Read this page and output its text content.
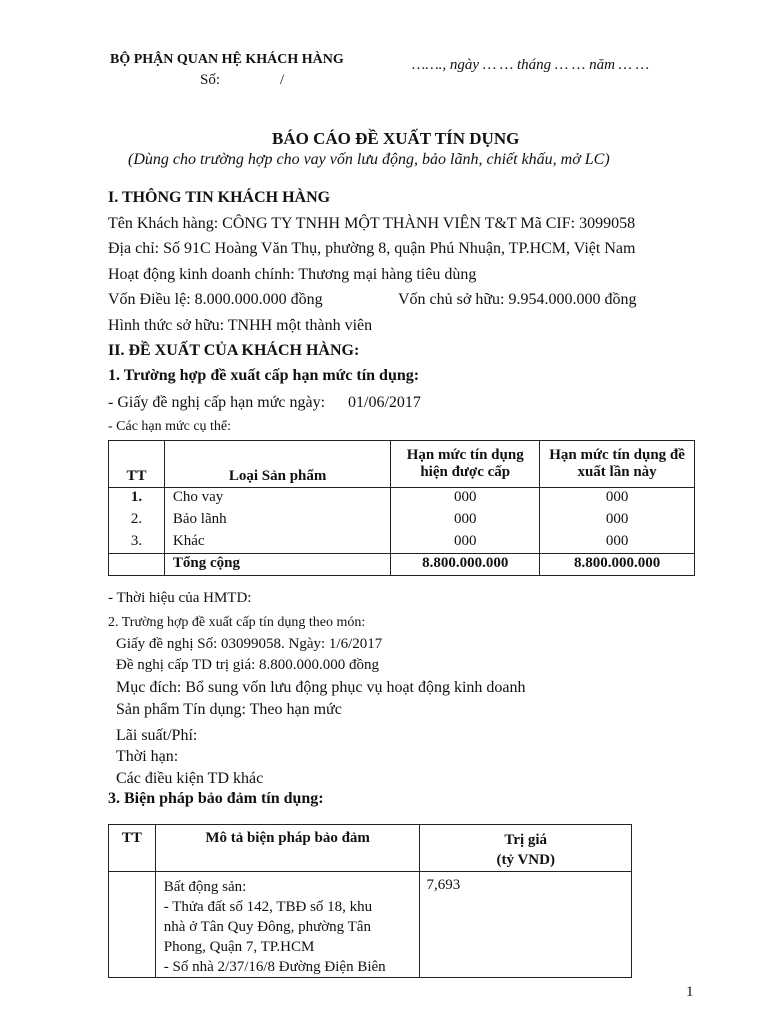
BỘ PHẬN QUAN HỆ KHÁCH HÀNG
Số:	/
……., ngày … … tháng … … năm … …
BÁO CÁO ĐỀ XUẤT TÍN DỤNG
(Dùng cho trường hợp cho vay vốn lưu động, bảo lãnh, chiết khấu, mở LC)
I. THÔNG TIN KHÁCH HÀNG
Tên Khách hàng: CÔNG TY TNHH MỘT THÀNH VIÊN T&T Mã CIF: 3099058
Địa chỉ: Số 91C Hoàng Văn Thụ, phường 8, quận Phú Nhuận, TP.HCM, Việt Nam
Hoạt động kinh doanh chính: Thương mại hàng tiêu dùng
Vốn Điều lệ: 8.000.000.000 đồng	Vốn chủ sở hữu: 9.954.000.000 đồng
Hình thức sở hữu: TNHH một thành viên
II. ĐỀ XUẤT CỦA KHÁCH HÀNG:
1. Trường hợp đề xuất cấp hạn mức tín dụng:
- Giấy đề nghị cấp hạn mức ngày: 01/06/2017
- Các hạn mức cụ thể:
TT	Loại Sản phẩm	Hạn mức tín dụng hiện được cấp	Hạn mức tín dụng đề xuất lần này
1.	Cho vay	000	000
2.	Bảo lãnh	000	000
3.	Khác	000	000
	Tổng cộng	8.800.000.000	8.800.000.000
- Thời hiệu của HMTD:
2. Trường hợp đề xuất cấp tín dụng theo món:
Giấy đề nghị Số: 03099058. Ngày: 1/6/2017
Đề nghị cấp TD trị giá: 8.800.000.000 đồng
Mục đích: Bổ sung vốn lưu động phục vụ hoạt động kinh doanh
Sản phẩm Tín dụng: Theo hạn mức
Lãi suất/Phí:
Thời hạn:
Các điều kiện TD khác
3. Biện pháp bảo đảm tín dụng:
TT	Mô tả biện pháp bảo đảm	Trị giá
(tỷ VND)

	Bất động sản:
- Thửa đất số 142, TBĐ số 18, khu
nhà ở Tân Quy Đông, phường Tân
Phong, Quận 7, TP.HCM
- Số nhà 2/37/16/8 Đường Điện Biên	7,693
1
